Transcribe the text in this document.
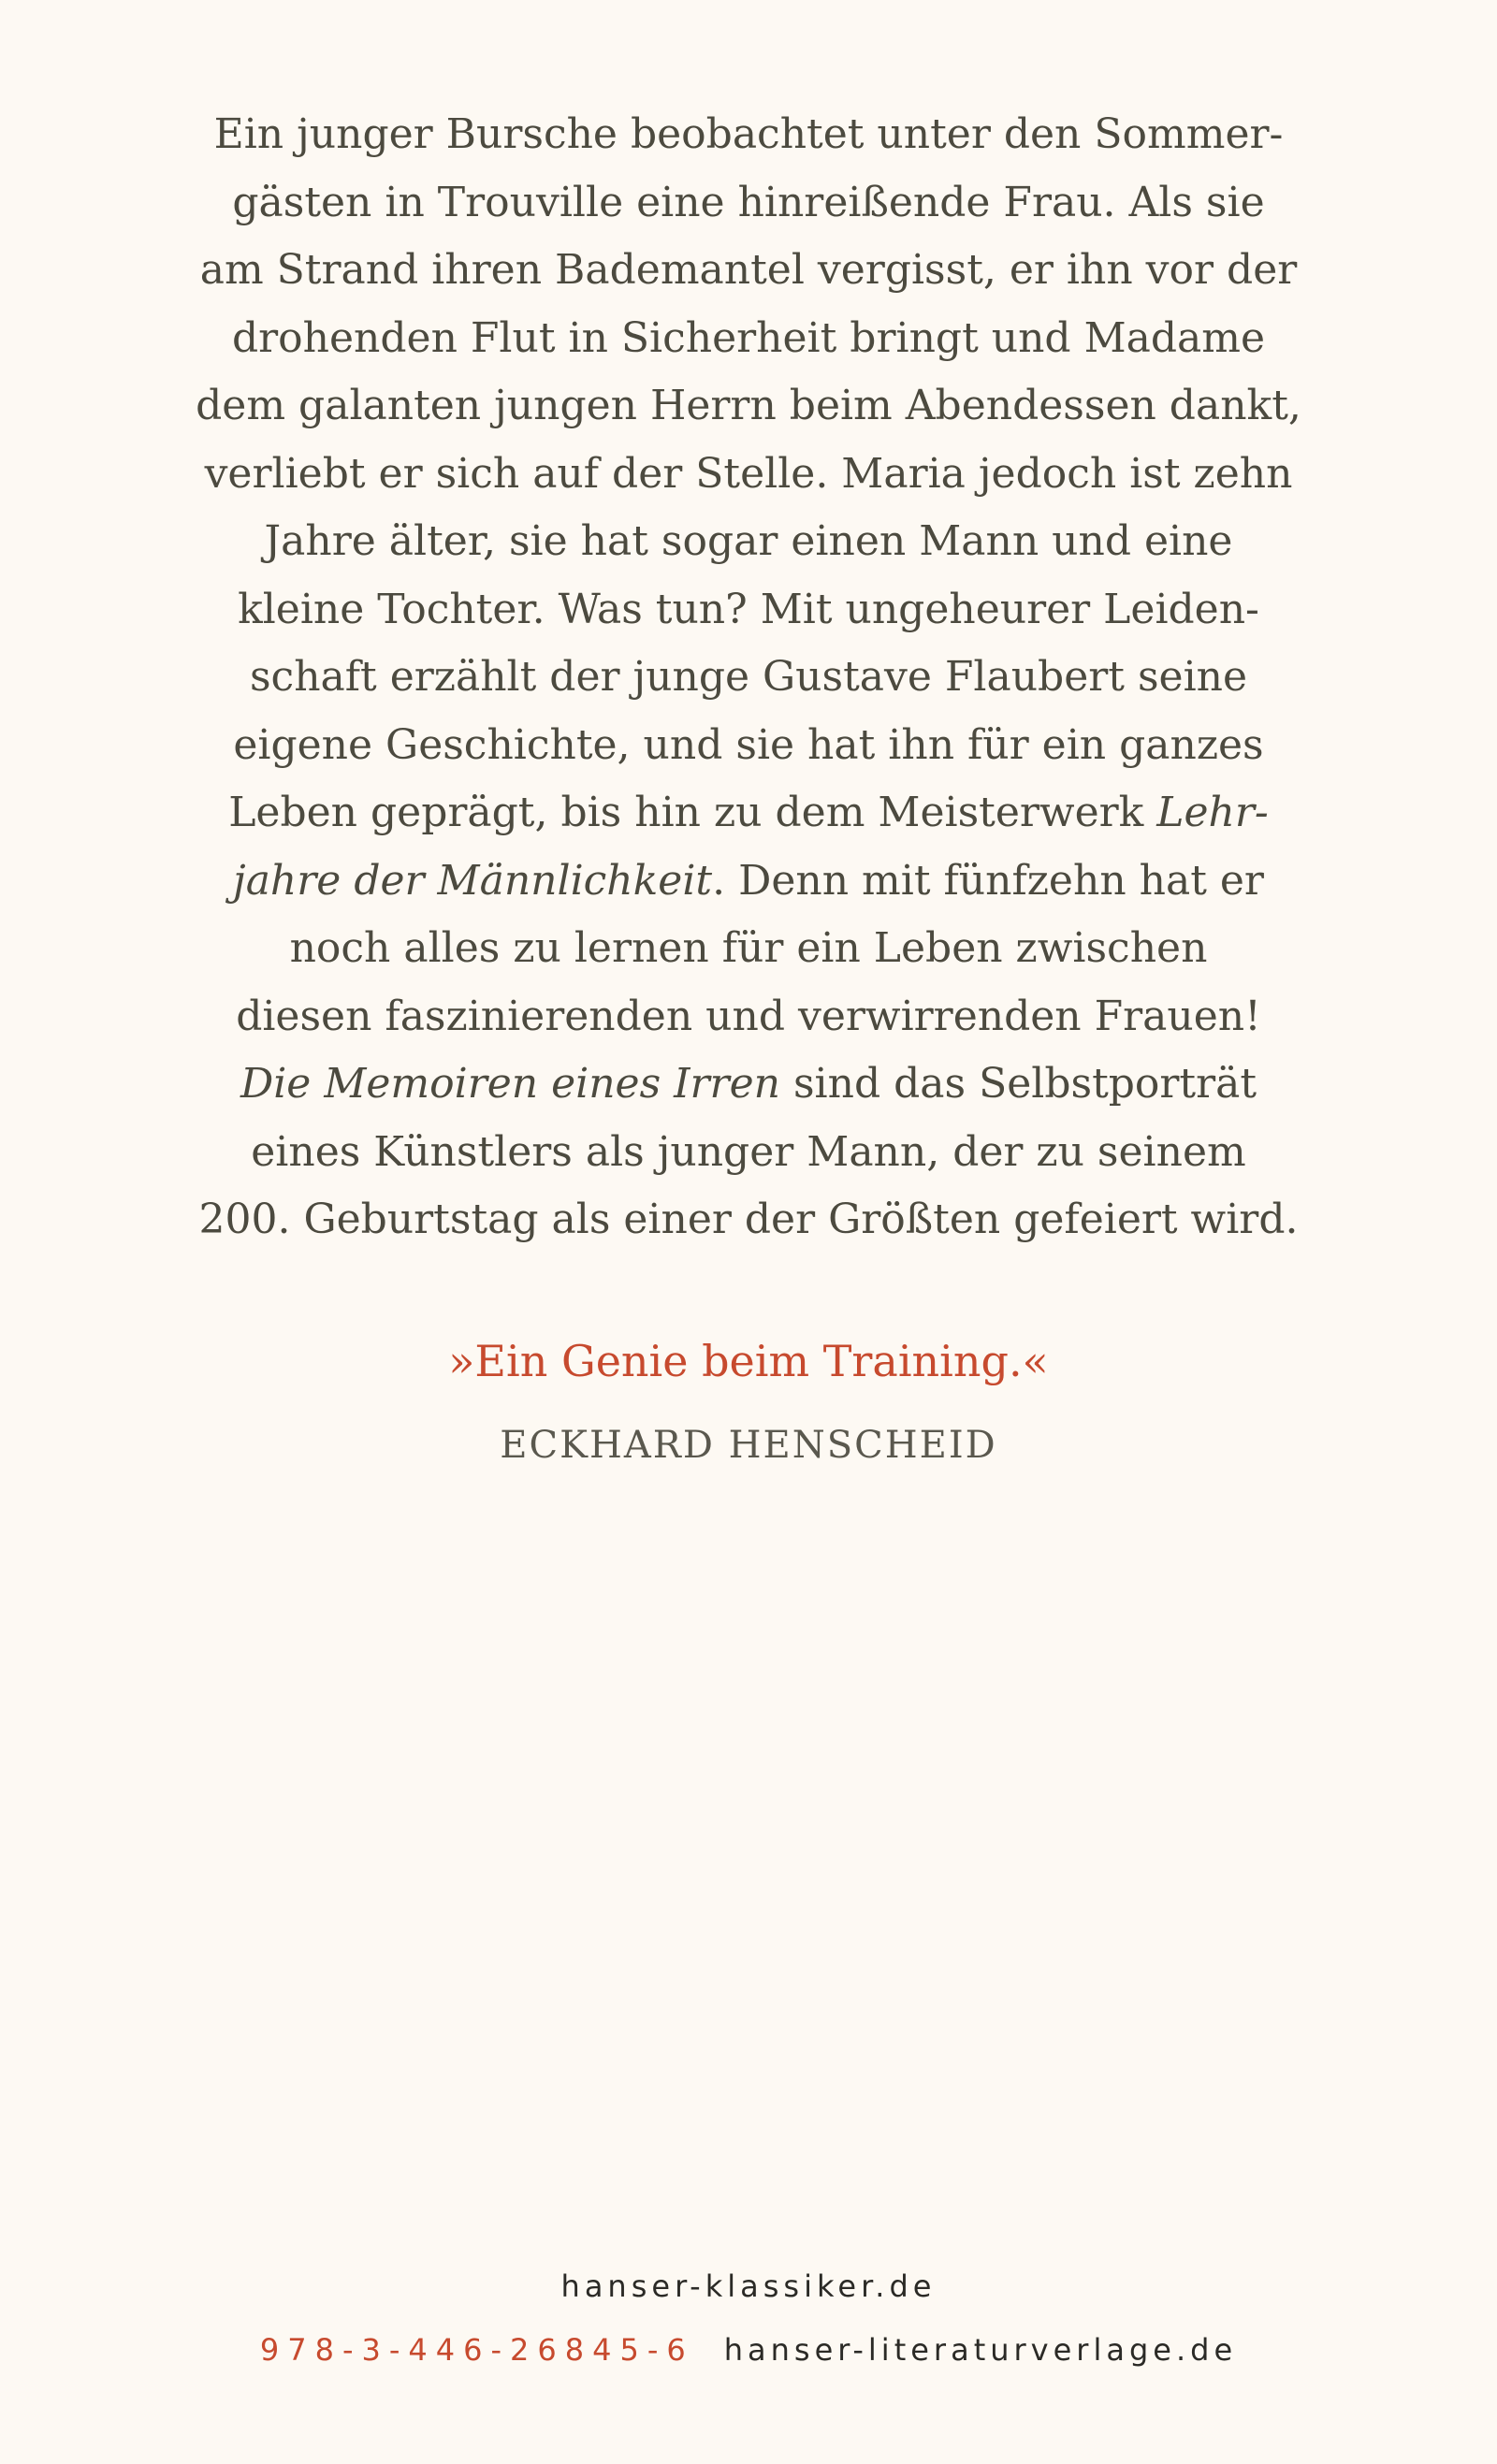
Ein junger Bursche beobachtet unter den Sommer-
gästen in Trouville eine hinreißende Frau. Als sie
am Strand ihren Bademantel vergisst, er ihn vor der
drohenden Flut in Sicherheit bringt und Madame
dem galanten jungen Herrn beim Abendessen dankt,
verliebt er sich auf der Stelle. Maria jedoch ist zehn
Jahre älter, sie hat sogar einen Mann und eine
kleine Tochter. Was tun? Mit ungeheurer Leiden-
schaft erzählt der junge Gustave Flaubert seine
eigene Geschichte, und sie hat ihn für ein ganzes
Leben geprägt, bis hin zu dem Meisterwerk Lehr-
jahre der Männlichkeit. Denn mit fünfzehn hat er
noch alles zu lernen für ein Leben zwischen
diesen faszinierenden und verwirrenden Frauen!
Die Memoiren eines Irren sind das Selbstporträt
eines Künstlers als junger Mann, der zu seinem
200. Geburtstag als einer der Größten gefeiert wird.

»Ein Genie beim Training.«

ECKHARD HENSCHEID

hanser-klassiker.de
978-3-446-26845-6 hanser-literaturverlage.de
